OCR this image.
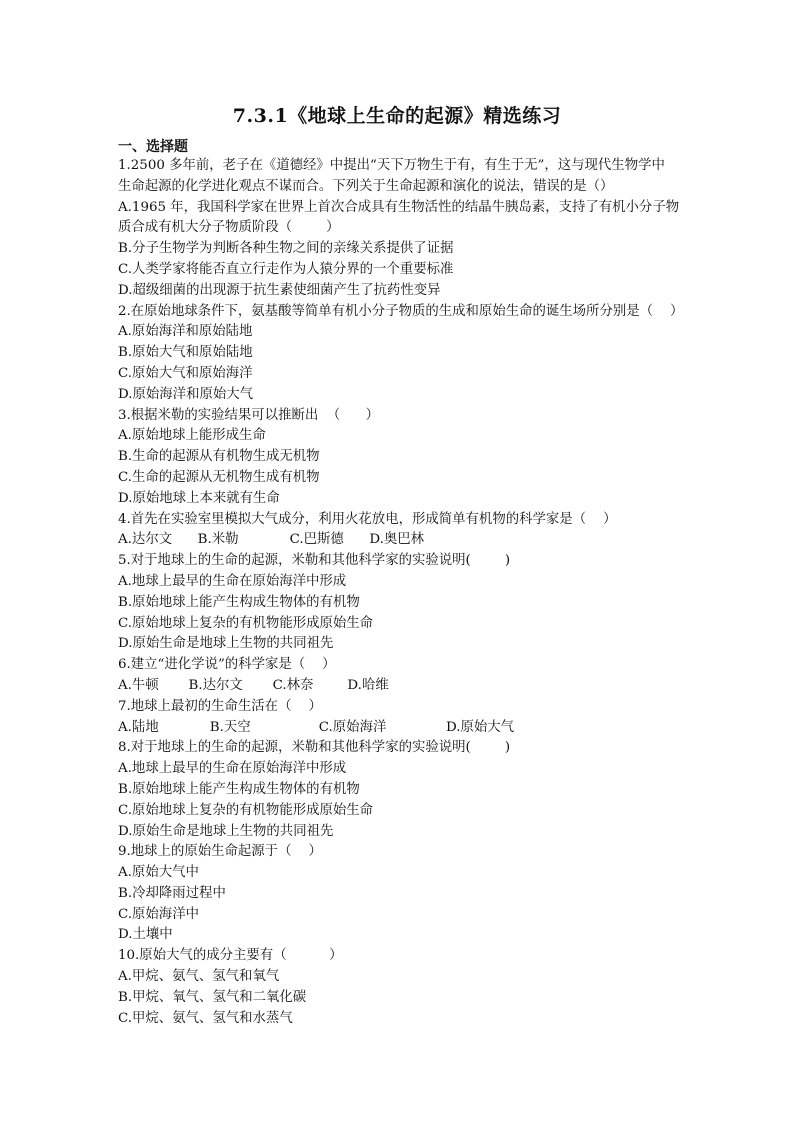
7.3.1《地球上生命的起源》精选练习
一、选择题
1.2500 多年前，老子在《道德经》中提出“天下万物生于有，有生于无”，这与现代生物学中
生命起源的化学进化观点不谋而合。下列关于生命起源和演化的说法，错误的是（）
A.1965 年，我国科学家在世界上首次合成具有生物活性的结晶牛胰岛素，支持了有机小分子物
质合成有机大分子物质阶段（        ）
B.分子生物学为判断各种生物之间的亲缘关系提供了证据
C.人类学家将能否直立行走作为人猿分界的一个重要标准
D.超级细菌的出现源于抗生素使细菌产生了抗药性变异
2.在原始地球条件下，氨基酸等简单有机小分子物质的生成和原始生命的诞生场所分别是（    ）
A.原始海洋和原始陆地
B.原始大气和原始陆地
C.原始大气和原始海洋
D.原始海洋和原始大气
3.根据米勒的实验结果可以推断出  （      ）
A.原始地球上能形成生命
B.生命的起源从有机物生成无机物
C.生命的起源从无机物生成有机物
D.原始地球上本来就有生命
4.首先在实验室里模拟大气成分，利用火花放电，形成简单有机物的科学家是（    ）
A.达尔文      B.米勒            C.巴斯德      D.奥巴林
5.对于地球上的生命的起源，米勒和其他科学家的实验说明(        )
A.地球上最早的生命在原始海洋中形成
B.原始地球上能产生构成生物体的有机物
C.原始地球上复杂的有机物能形成原始生命
D.原始生命是地球上生物的共同祖先
6.建立“进化学说”的科学家是（    ）
A.牛顿       B.达尔文       C.林奈        D.哈维
7.地球上最初的生命生活在（    ）
A.陆地            B.天空                C.原始海洋              D.原始大气
8.对于地球上的生命的起源，米勒和其他科学家的实验说明(        )
A.地球上最早的生命在原始海洋中形成
B.原始地球上能产生构成生物体的有机物
C.原始地球上复杂的有机物能形成原始生命
D.原始生命是地球上生物的共同祖先
9.地球上的原始生命起源于（    ）
A.原始大气中
B.冷却降雨过程中
C.原始海洋中
D.土壤中
10.原始大气的成分主要有（          ）
A.甲烷、氨气、氢气和氧气
B.甲烷、氧气、氢气和二氧化碳
C.甲烷、氨气、氢气和水蒸气
